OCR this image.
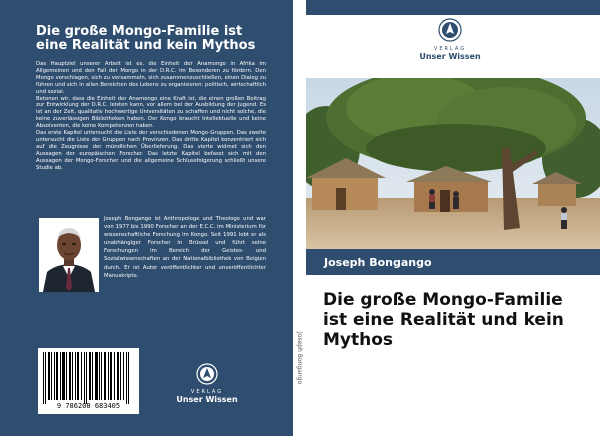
Die große Mongo-Familie ist eine Realität und kein Mythos

Das Hauptziel unserer Arbeit ist es, die Einheit der Anamongo in Afrika im Allgemeinen und den Fall der Mongo in der D.R.C. im Besonderen zu fördern. Den Mongo vorschlagen, sich zu versammeln, sich zusammenzuschließen, einen Dialog zu führen und sich in allen Bereichen des Lebens zu organisieren: politisch, wirtschaftlich und sozial.

Betonen wir, dass die Einheit der Anamongo eine Kraft ist, die einen großen Beitrag zur Entwicklung der D.R.C. leisten kann, vor allem bei der Ausbildung der Jugend. Es ist an der Zeit, qualitativ hochwertige Universitäten zu schaffen und nicht solche, die keine zuverlässigen Bibliotheken haben. Der Kongo braucht Intellektuelle und keine Absolventen, die keine Kompetenzen haben.

Das erste Kapitel untersucht die Liste der verschiedenen Mongo-Gruppen. Das zweite untersucht die Liste der Gruppen nach Provinzen. Das dritte Kapitel konzentriert sich auf die Zeugnisse der mündlichen Überlieferung. Das vierte widmet sich den Aussagen der europäischen Forscher. Das letzte Kapitel befasst sich mit den Aussagen der Mongo-Forscher und die allgemeine Schlussfolgerung schließt unsere Studie ab.

Joseph Bongango ist Anthropologe und Theologe und war von 1977 bis 1990 Forscher an der E.C.C. im Ministerium für wissenschaftliche Forschung im Kongo. Seit 1991 lebt er als unabhängiger Forscher in Brüssel und führt seine Forschungen im Bereich der Geistes- und Sozialwissenschaften an der Nationalbibliothek von Belgien durch. Er ist Autor veröffentlichter und unveröffentlichter Manuskripte.
9 786208 683405
VERLAG
Unser Wissen
Joseph Bongango
VERLAG
Unser Wissen
Joseph Bongango
Die große Mongo-Familie ist eine Realität und kein Mythos
